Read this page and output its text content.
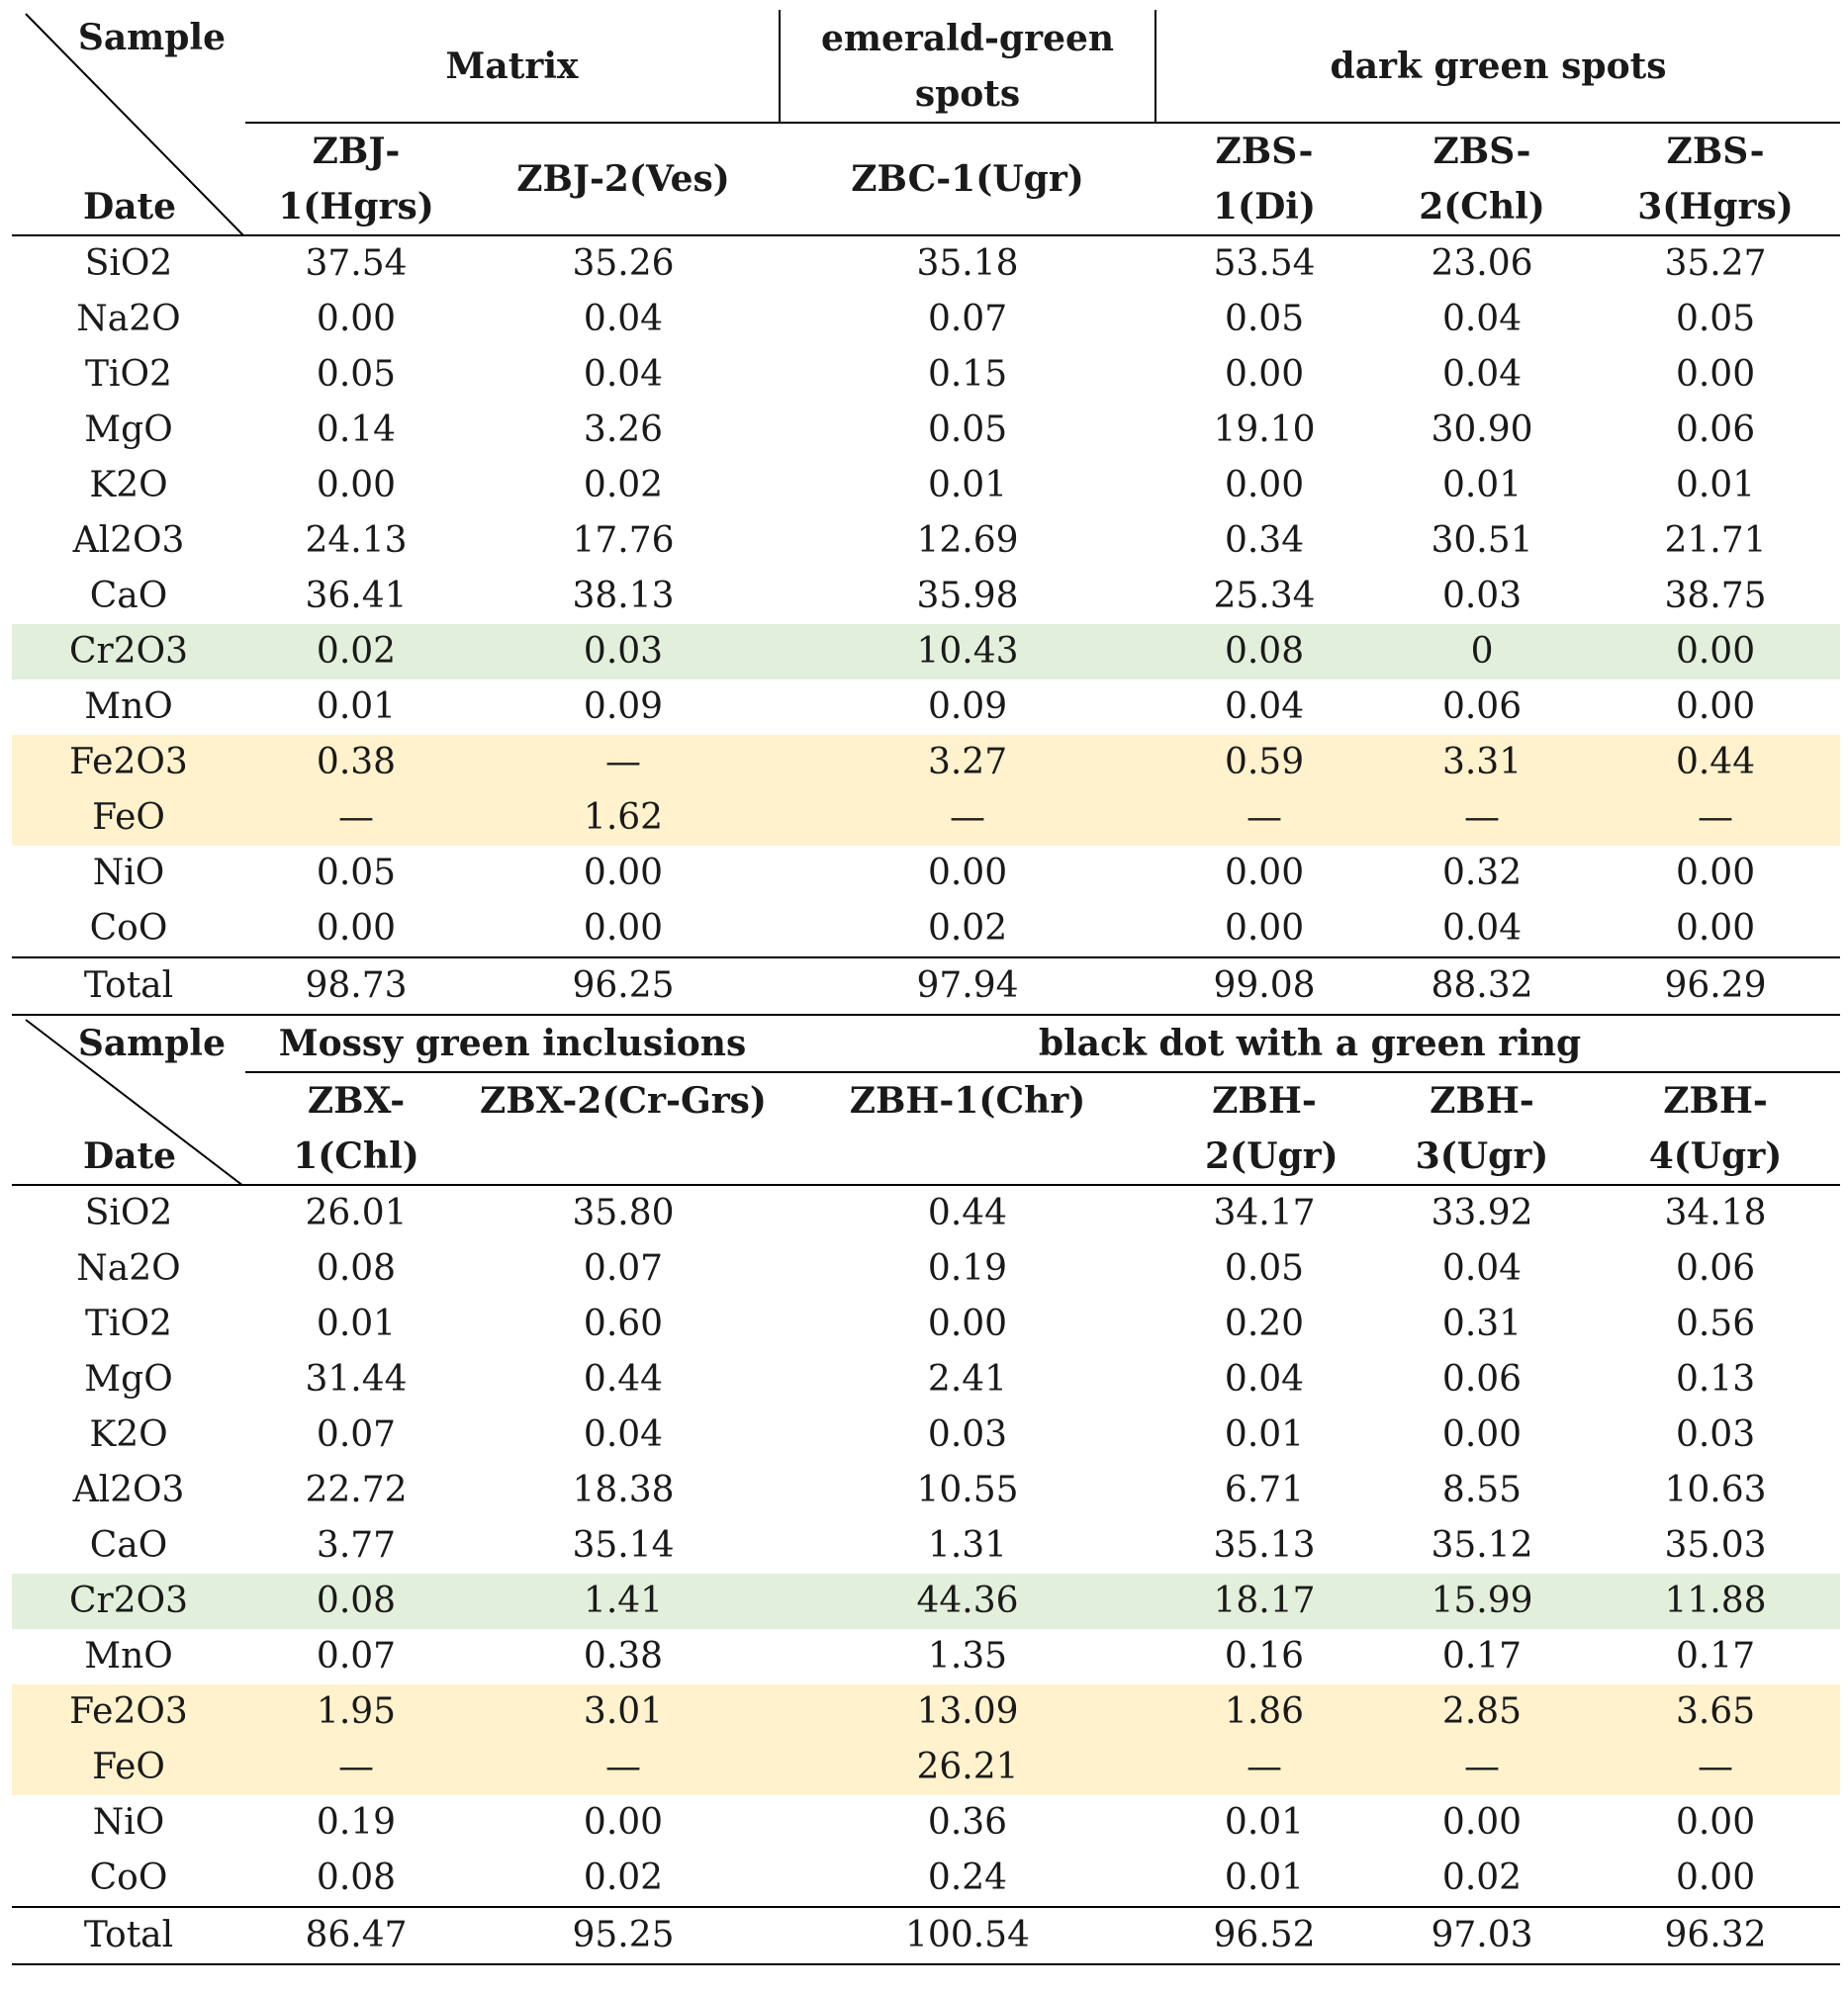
Sample
Date	Matrix		emerald-green spots	dark green spots		
	ZBJ-1(Hgrs)	ZBJ-2(Ves)	ZBC-1(Ugr)	ZBS-1(Di)	ZBS-2(Chl)	ZBS-3(Hgrs)
SiO2	37.54	35.26	35.18	53.54	23.06	35.27
Na2O	0.00	0.04	0.07	0.05	0.04	0.05
TiO2	0.05	0.04	0.15	0.00	0.04	0.00
MgO	0.14	3.26	0.05	19.10	30.90	0.06
K2O	0.00	0.02	0.01	0.00	0.01	0.01
Al2O3	24.13	17.76	12.69	0.34	30.51	21.71
CaO	36.41	38.13	35.98	25.34	0.03	38.75
Cr2O3	0.02	0.03	10.43	0.08	0	0.00
MnO	0.01	0.09	0.09	0.04	0.06	0.00
Fe2O3	0.38	—	3.27	0.59	3.31	0.44
FeO	—	1.62	—	—	—	—
NiO	0.05	0.00	0.00	0.00	0.32	0.00
CoO	0.00	0.00	0.02	0.00	0.04	0.00
Total	98.73	96.25	97.94	99.08	88.32	96.29
Sample
Date	Mossy green inclusions		black dot with a green ring			
	ZBX-1(Chl)	ZBX-2(Cr-Grs)	ZBH-1(Chr)	ZBH-2(Ugr)	ZBH-3(Ugr)	ZBH-4(Ugr)
SiO2	26.01	35.80	0.44	34.17	33.92	34.18
Na2O	0.08	0.07	0.19	0.05	0.04	0.06
TiO2	0.01	0.60	0.00	0.20	0.31	0.56
MgO	31.44	0.44	2.41	0.04	0.06	0.13
K2O	0.07	0.04	0.03	0.01	0.00	0.03
Al2O3	22.72	18.38	10.55	6.71	8.55	10.63
CaO	3.77	35.14	1.31	35.13	35.12	35.03
Cr2O3	0.08	1.41	44.36	18.17	15.99	11.88
MnO	0.07	0.38	1.35	0.16	0.17	0.17
Fe2O3	1.95	3.01	13.09	1.86	2.85	3.65
FeO	—	—	26.21	—	—	—
NiO	0.19	0.00	0.36	0.01	0.00	0.00
CoO	0.08	0.02	0.24	0.01	0.02	0.00
Total	86.47	95.25	100.54	96.52	97.03	96.32
